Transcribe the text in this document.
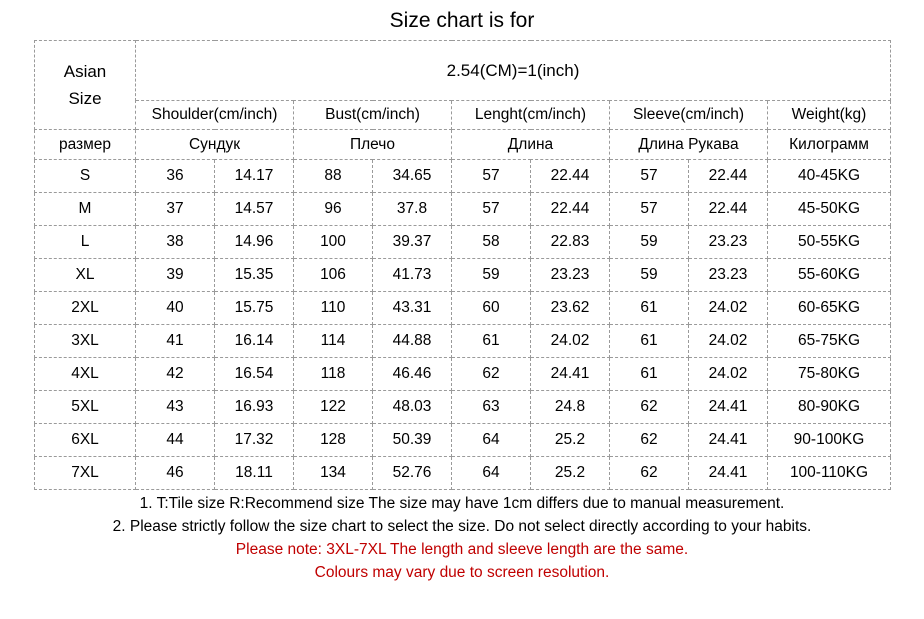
Size chart is for
Asian
Size	2.54(CM)=1(inch)								
	Shoulder(cm/inch)		Bust(cm/inch)		Lenght(cm/inch)		Sleeve(cm/inch)		Weight(kg)
размер	Сундук		Плечо		Длина		Длина Рукава		Килограмм
S	36	14.17	88	34.65	57	22.44	57	22.44	40-45KG
M	37	14.57	96	37.8	57	22.44	57	22.44	45-50KG
L	38	14.96	100	39.37	58	22.83	59	23.23	50-55KG
XL	39	15.35	106	41.73	59	23.23	59	23.23	55-60KG
2XL	40	15.75	110	43.31	60	23.62	61	24.02	60-65KG
3XL	41	16.14	114	44.88	61	24.02	61	24.02	65-75KG
4XL	42	16.54	118	46.46	62	24.41	61	24.02	75-80KG
5XL	43	16.93	122	48.03	63	24.8	62	24.41	80-90KG
6XL	44	17.32	128	50.39	64	25.2	62	24.41	90-100KG
7XL	46	18.11	134	52.76	64	25.2	62	24.41	100-110KG
1. T:Tile size R:Recommend size The size may have 1cm differs due to manual measurement.
2. Please strictly follow the size chart to select the size. Do not select directly according to your habits.
Please note: 3XL-7XL The length and sleeve length are the same.
Colours may vary due to screen resolution.
